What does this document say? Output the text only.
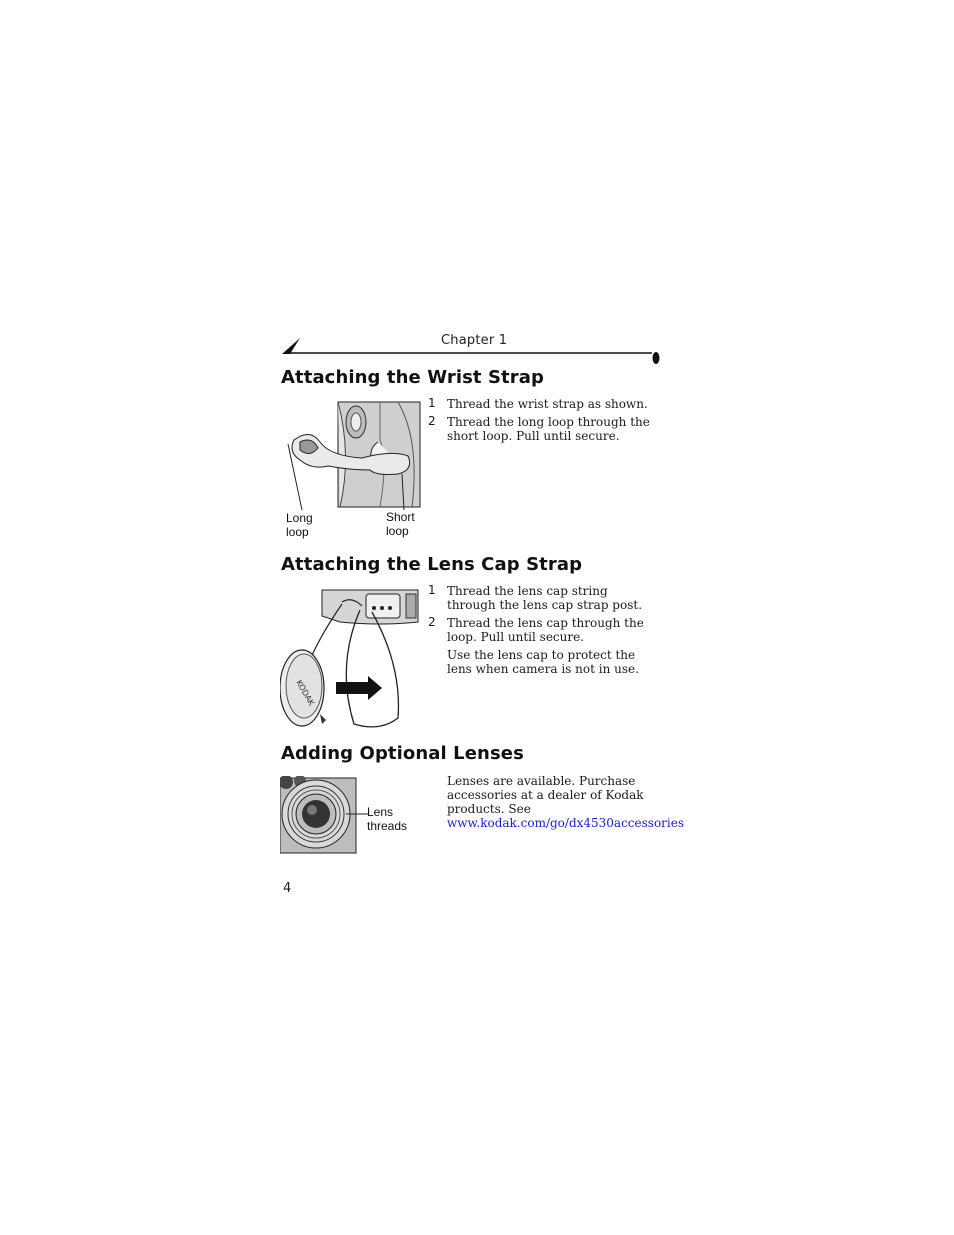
Chapter 1
Attaching the Wrist Strap
Long
loop
Short
loop
1 Thread the wrist strap as shown.
2 Thread the long loop through the short loop. Pull until secure.
Attaching the Lens Cap Strap
KODAK
1 Thread the lens cap string through the lens cap strap post.
2 Thread the lens cap through the loop. Pull until secure.
Use the lens cap to protect the lens when camera is not in use.
Adding Optional Lenses
Lens
threads
Lenses are available. Purchase accessories at a dealer of Kodak products. See
www.kodak.com/go/dx4530accessories
4
